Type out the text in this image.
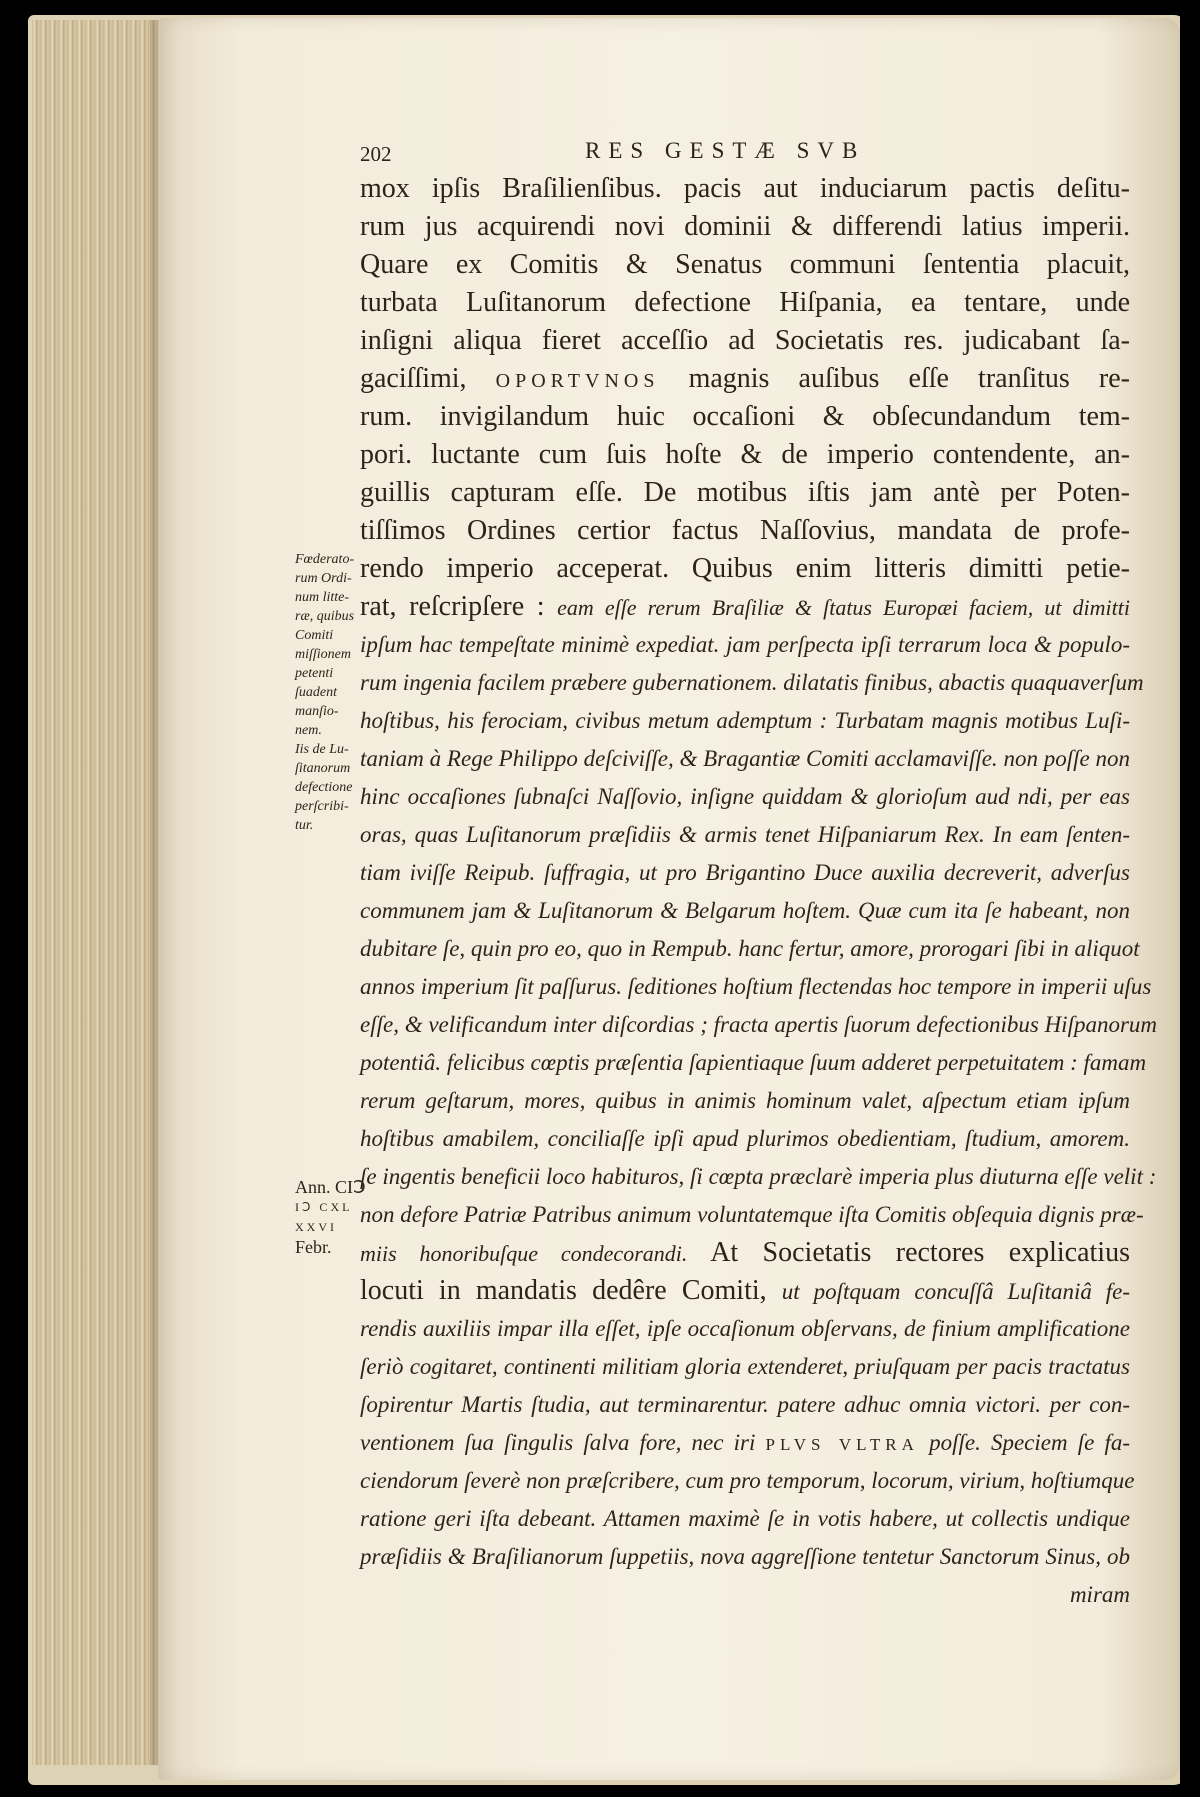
202	RES GESTÆ SVB
Fœderato-
rum Ordi-
num litte-
ræ, quibus
Comiti
miſſionem
petenti
ſuadent
manſio-
nem.
Iis de Lu-
ſitanorum
defectione
perſcribi-
tur.
Ann. CIↃ
IↃ CXL
XXVI
Febr.
mox ipſis Braſilienſibus. pacis aut induciarum pactis deſitu-
rum jus acquirendi novi dominii & differendi latius imperii.
Quare ex Comitis & Senatus communi ſententia placuit,
turbata Luſitanorum defectione Hiſpania, ea tentare, unde
inſigni aliqua fieret acceſſio ad Societatis res. judicabant ſa-
gaciſſimi, OPORTVNOS magnis auſibus eſſe tranſitus re-
rum. invigilandum huic occaſioni & obſecundandum tem-
pori. luctante cum ſuis hoſte & de imperio contendente, an-
guillis capturam eſſe. De motibus iſtis jam antè per Poten-
tiſſimos Ordines certior factus Naſſovius, mandata de profe-
rendo imperio acceperat. Quibus enim litteris dimitti petie-
rat, reſcripſere : eam eſſe rerum Braſiliæ & ſtatus Europæi faciem, ut dimitti
ipſum hac tempeſtate minimè expediat. jam perſpecta ipſi terrarum loca & populo-
rum ingenia facilem præbere gubernationem. dilatatis finibus, abactis quaquaverſum
hoſtibus, his ferociam, civibus metum ademptum : Turbatam magnis motibus Luſi-
taniam à Rege Philippo deſciviſſe, & Bragantiæ Comiti acclamaviſſe. non poſſe non
hinc occaſiones ſubnaſci Naſſovio, inſigne quiddam & glorioſum aud ndi, per eas
oras, quas Luſitanorum præſidiis & armis tenet Hiſpaniarum Rex. In eam ſenten-
tiam iviſſe Reipub. ſuffragia, ut pro Brigantino Duce auxilia decreverit, adverſus
communem jam & Luſitanorum & Belgarum hoſtem. Quæ cum ita ſe habeant, non
dubitare ſe, quin pro eo, quo in Rempub. hanc fertur, amore, prorogari ſibi in aliquot
annos imperium ſit paſſurus. ſeditiones hoſtium flectendas hoc tempore in imperii uſus
eſſe, & velificandum inter diſcordias ; fracta apertis ſuorum defectionibus Hiſpanorum
potentiâ. felicibus cœptis præſentia ſapientiaque ſuum adderet perpetuitatem : famam
rerum geſtarum, mores, quibus in animis hominum valet, aſpectum etiam ipſum
hoſtibus amabilem, conciliaſſe ipſi apud plurimos obedientiam, ſtudium, amorem.
ſe ingentis beneficii loco habituros, ſi cœpta præclarè imperia plus diuturna eſſe velit :
non defore Patriæ Patribus animum voluntatemque iſta Comitis obſequia dignis præ-
miis honoribuſque condecorandi. At Societatis rectores explicatius
locuti in mandatis dedêre Comiti, ut poſtquam concuſſâ Luſitaniâ fe-
rendis auxiliis impar illa eſſet, ipſe occaſionum obſervans, de finium amplificatione
ſeriò cogitaret, continenti militiam gloria extenderet, priuſquam per pacis tractatus
ſopirentur Martis ſtudia, aut terminarentur. patere adhuc omnia victori. per con-
ventionem ſua ſingulis ſalva fore, nec iri PLVS VLTRA poſſe. Speciem ſe fa-
ciendorum ſeverè non præſcribere, cum pro temporum, locorum, virium, hoſtiumque
ratione geri iſta debeant. Attamen maximè ſe in votis habere, ut collectis undique
præſidiis & Braſilianorum ſuppetiis, nova aggreſſione tentetur Sanctorum Sinus, ob
miram
